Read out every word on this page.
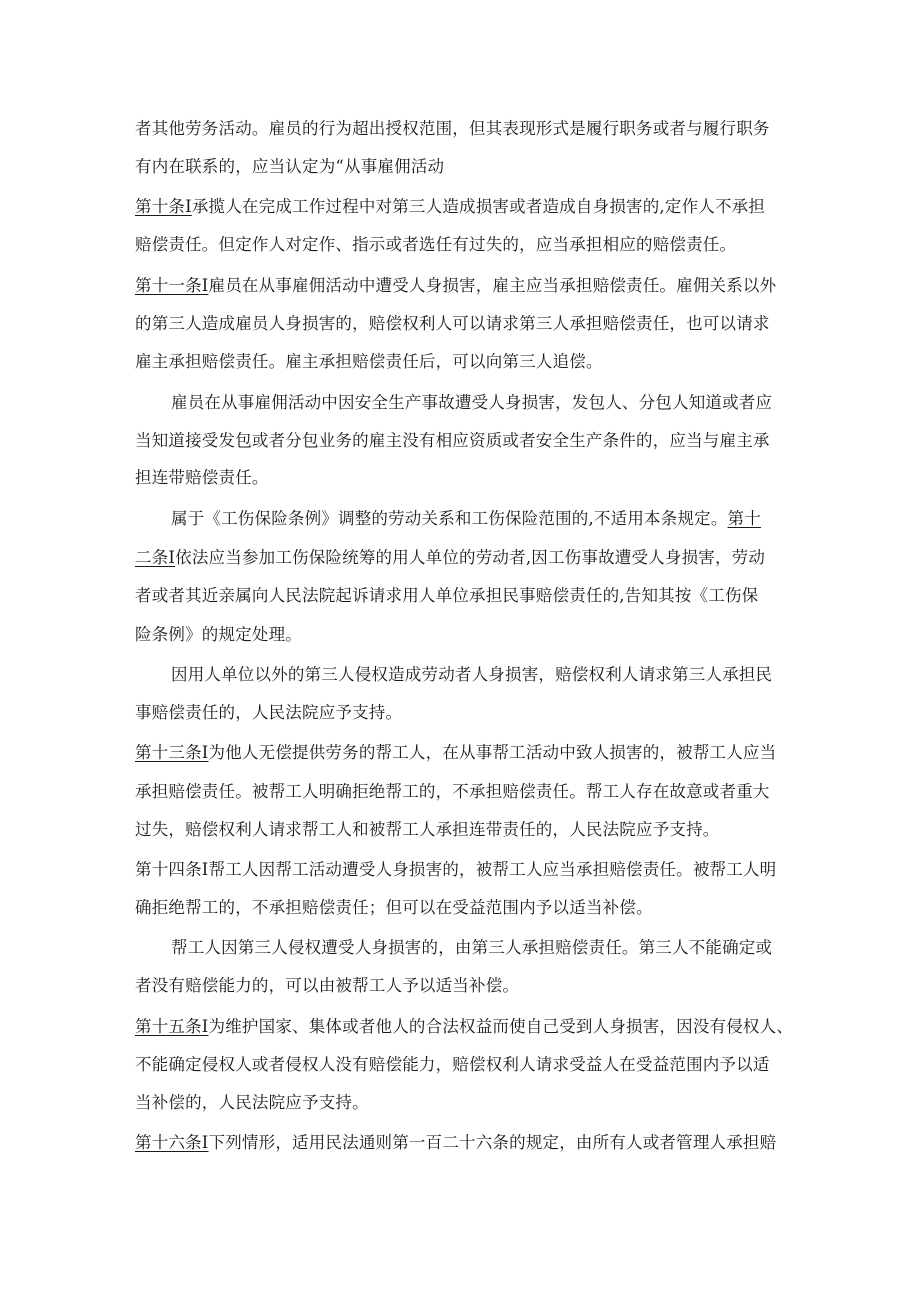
者其他劳务活动。雇员的行为超出授权范围，但其表现形式是履行职务或者与履行职务
有内在联系的，应当认定为“从事雇佣活动
第十条I承揽人在完成工作过程中对第三人造成损害或者造成自身损害的,定作人不承担
赔偿责任。但定作人对定作、指示或者选任有过失的，应当承担相应的赔偿责任。
第十一条I雇员在从事雇佣活动中遭受人身损害，雇主应当承担赔偿责任。雇佣关系以外
的第三人造成雇员人身损害的，赔偿权利人可以请求第三人承担赔偿责任，也可以请求
雇主承担赔偿责任。雇主承担赔偿责任后，可以向第三人追偿。
雇员在从事雇佣活动中因安全生产事故遭受人身损害，发包人、分包人知道或者应
当知道接受发包或者分包业务的雇主没有相应资质或者安全生产条件的，应当与雇主承
担连带赔偿责任。
属于《工伤保险条例》调整的劳动关系和工伤保险范围的,不适用本条规定。第十
二条I依法应当参加工伤保险统筹的用人单位的劳动者,因工伤事故遭受人身损害，劳动
者或者其近亲属向人民法院起诉请求用人单位承担民事赔偿责任的,告知其按《工伤保
险条例》的规定处理。
因用人单位以外的第三人侵权造成劳动者人身损害，赔偿权利人请求第三人承担民
事赔偿责任的，人民法院应予支持。
第十三条I为他人无偿提供劳务的帮工人，在从事帮工活动中致人损害的，被帮工人应当
承担赔偿责任。被帮工人明确拒绝帮工的，不承担赔偿责任。帮工人存在故意或者重大
过失，赔偿权利人请求帮工人和被帮工人承担连带责任的，人民法院应予支持。
第十四条I帮工人因帮工活动遭受人身损害的，被帮工人应当承担赔偿责任。被帮工人明
确拒绝帮工的，不承担赔偿责任；但可以在受益范围内予以适当补偿。
帮工人因第三人侵权遭受人身损害的，由第三人承担赔偿责任。第三人不能确定或
者没有赔偿能力的，可以由被帮工人予以适当补偿。
第十五条I为维护国家、集体或者他人的合法权益而使自己受到人身损害，因没有侵权人、
不能确定侵权人或者侵权人没有赔偿能力，赔偿权利人请求受益人在受益范围内予以适
当补偿的，人民法院应予支持。
第十六条I下列情形，适用民法通则第一百二十六条的规定，由所有人或者管理人承担赔
